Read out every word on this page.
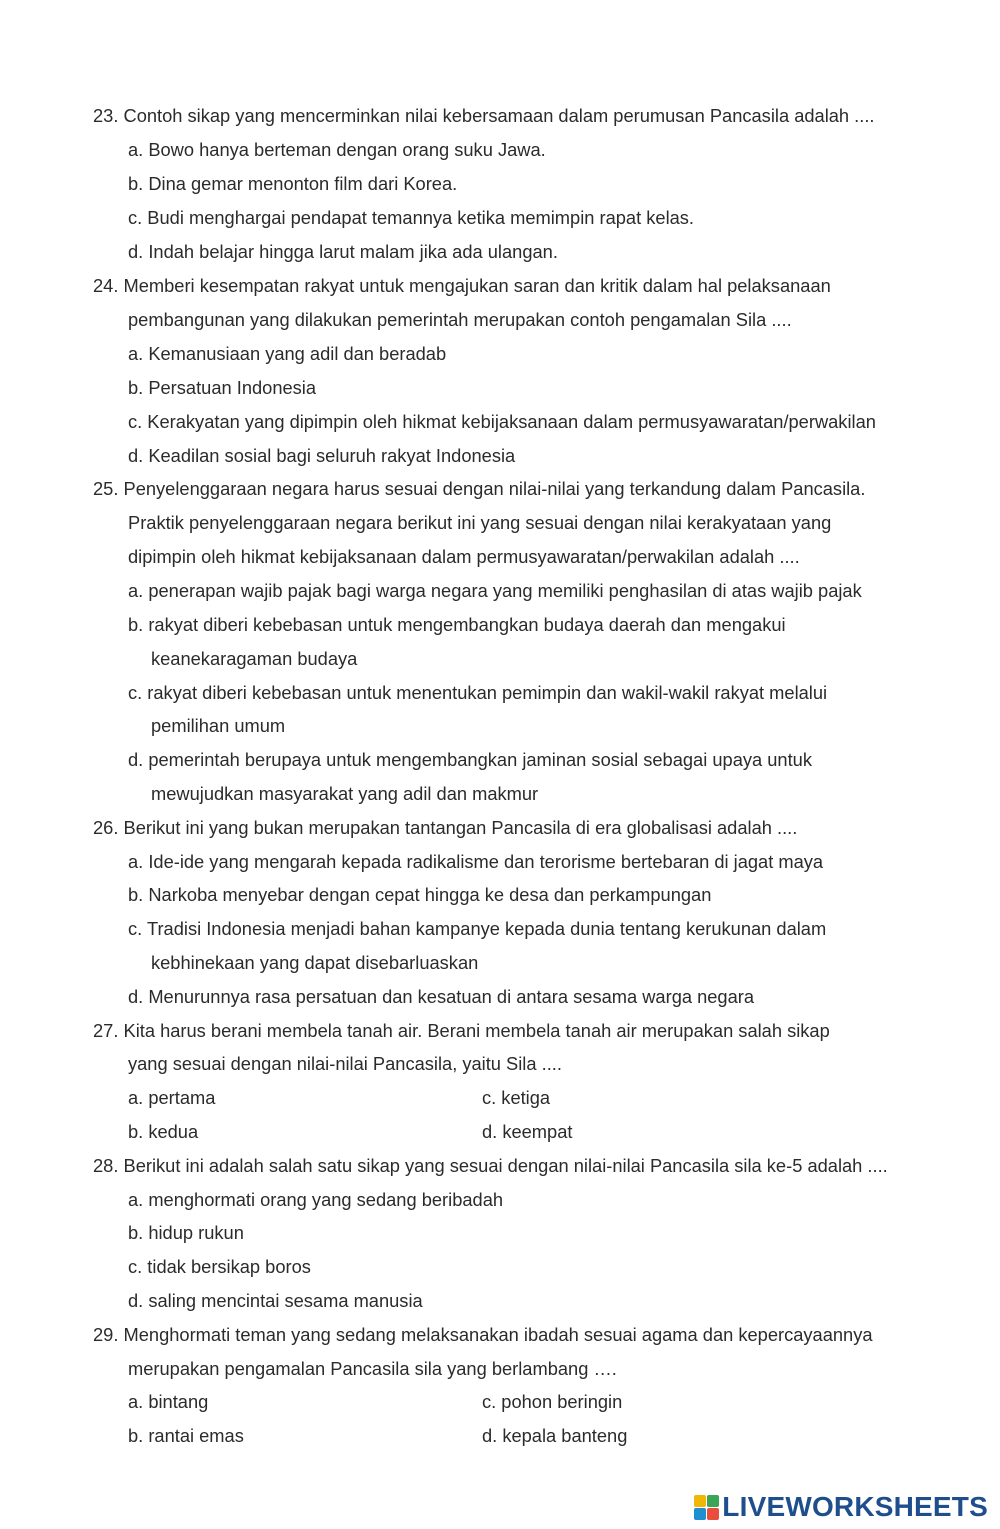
23. Contoh sikap yang mencerminkan nilai kebersamaan dalam perumusan Pancasila adalah ....
a. Bowo hanya berteman dengan orang suku Jawa.
b. Dina gemar menonton film dari Korea.
c. Budi menghargai pendapat temannya ketika memimpin rapat kelas.
d. Indah belajar hingga larut malam jika ada ulangan.
24. Memberi kesempatan rakyat untuk mengajukan saran dan kritik dalam hal pelaksanaan
pembangunan yang dilakukan pemerintah merupakan contoh pengamalan Sila ....
a. Kemanusiaan yang adil dan beradab
b. Persatuan Indonesia
c. Kerakyatan yang dipimpin oleh hikmat kebijaksanaan dalam permusyawaratan/perwakilan
d. Keadilan sosial bagi seluruh rakyat Indonesia
25. Penyelenggaraan negara harus sesuai dengan nilai-nilai yang terkandung dalam Pancasila.
Praktik penyelenggaraan negara berikut ini yang sesuai dengan nilai kerakyataan yang
dipimpin oleh hikmat kebijaksanaan dalam permusyawaratan/perwakilan adalah ....
a. penerapan wajib pajak bagi warga negara yang memiliki penghasilan di atas wajib pajak
b. rakyat diberi kebebasan untuk mengembangkan budaya daerah dan mengakui
keanekaragaman budaya
c. rakyat diberi kebebasan untuk menentukan pemimpin dan wakil-wakil rakyat melalui
pemilihan umum
d. pemerintah berupaya untuk mengembangkan jaminan sosial sebagai upaya untuk
mewujudkan masyarakat yang adil dan makmur
26. Berikut ini yang bukan merupakan tantangan Pancasila di era globalisasi adalah ....
a. Ide-ide yang mengarah kepada radikalisme dan terorisme bertebaran di jagat maya
b. Narkoba menyebar dengan cepat hingga ke desa dan perkampungan
c. Tradisi Indonesia menjadi bahan kampanye kepada dunia tentang kerukunan dalam
kebhinekaan yang dapat disebarluaskan
d. Menurunnya rasa persatuan dan kesatuan di antara sesama warga negara
27. Kita harus berani membela tanah air. Berani membela tanah air merupakan salah sikap
yang sesuai dengan nilai-nilai Pancasila, yaitu Sila ....
a. pertama	c. ketiga
b. kedua	d. keempat
28. Berikut ini adalah salah satu sikap yang sesuai dengan nilai-nilai Pancasila sila ke-5 adalah ....
a. menghormati orang yang sedang beribadah
b. hidup rukun
c. tidak bersikap boros
d. saling mencintai sesama manusia
29. Menghormati teman yang sedang melaksanakan ibadah sesuai agama dan kepercayaannya
merupakan pengamalan Pancasila sila yang berlambang ….
a. bintang	c. pohon beringin
b. rantai emas	d. kepala banteng
LIVEWORKSHEETS
